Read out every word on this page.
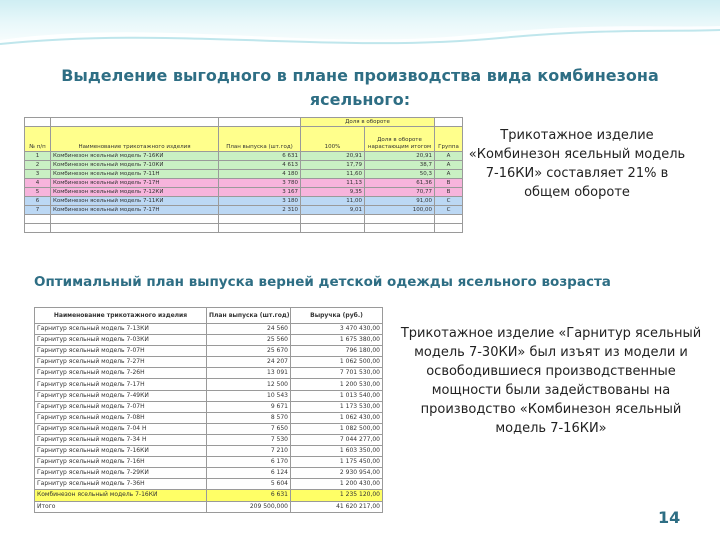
Выделение выгодного в плане производства вида комбинезона ясельного:
			Доля в обороте		
№ п/п	Наименование трикотажного изделия	План выпуска (шт.год)	100%	Доля в обороте нарастающим итогом	Группа
1	Комбинезон ясельный модель 7-16КИ	6 631	20,91	20,91	A
2	Комбинезон ясельный модель 7-10КИ	4 613	17,79	38,7	A
3	Комбинезон ясельный модель 7-11Н	4 180	11,60	50,3	A
4	Комбинезон ясельный модель 7-17Н	3 780	11,13	61,36	B
5	Комбинезон ясельный модель 7-12КИ	3 167	9,35	70,77	B
6	Комбинезон ясельный модель 7-11КИ	3 180	11,00	91,00	C
7	Комбинезон ясельный модель 7-17Н	2 310	9,01	100,00	C

Трикотажное изделие «Комбинезон ясельный модель 7-16КИ» составляет 21% в общем обороте
Оптимальный план выпуска верней детской одежды ясельного возраста
Наименование трикотажного изделия	План выпуска (шт.год)	Выручка (руб.)
Гарнитур ясельный модель 7-13КИ	24 560	3 470 430,00
Гарнитур ясельный модель 7-03КИ	25 560	1 675 380,00
Гарнитур ясельный модель 7-07Н	25 670	796 180,00
Гарнитур ясельный модель 7-27Н	24 207	1 062 500,00
Гарнитур ясельный модель 7-26Н	13 091	7 701 530,00
Гарнитур ясельный модель 7-17Н	12 500	1 200 530,00
Гарнитур ясельный модель 7-49КИ	10 543	1 013 540,00
Гарнитур ясельный модель 7-07Н	9 671	1 173 530,00
Гарнитур ясельный модель 7-08Н	8 570	1 062 430,00
Гарнитур ясельный модель 7-04 Н	7 650	1 082 500,00
Гарнитур ясельный модель 7-34 Н	7 530	7 044 277,00
Гарнитур ясельный модель 7-16КИ	7 210	1 603 350,00
Гарнитур ясельный модель 7-16Н	6 170	1 175 450,00
Гарнитур ясельный модель 7-29КИ	6 124	2 930 954,00
Гарнитур ясельный модель 7-36Н	5 604	1 200 430,00
Комбинезон ясельный модель 7-16КИ	6 631	1 235 120,00
Итого	209 500,000	41 620 217,00
Трикотажное изделие «Гарнитур ясельный модель 7-30КИ» был изъят из модели и освободившиеся производственные мощности были задействованы на производство «Комбинезон ясельный модель 7-16КИ»
14
